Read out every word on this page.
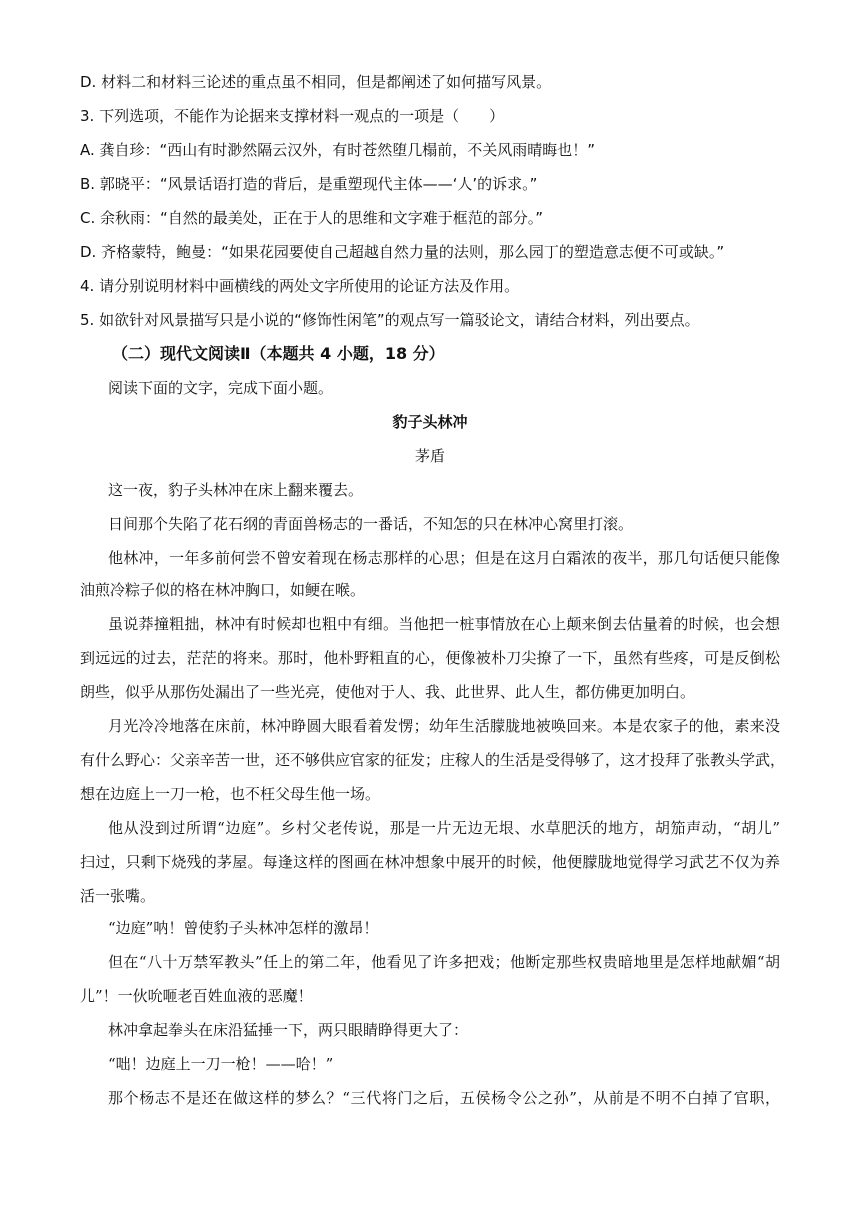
D. 材料二和材料三论述的重点虽不相同，但是都阐述了如何描写风景。
3. 下列选项，不能作为论据来支撑材料一观点的一项是（　　）
A. 龚自珍：“西山有时渺然隔云汉外，有时苍然堕几榻前，不关风雨晴晦也！”
B. 郭晓平：“风景话语打造的背后，是重塑现代主体——‘人’的诉求。”
C. 余秋雨：“自然的最美处，正在于人的思维和文字难于框范的部分。”
D. 齐格蒙特，鲍曼：“如果花园要使自己超越自然力量的法则，那么园丁的塑造意志便不可或缺。”
4. 请分别说明材料中画横线的两处文字所使用的论证方法及作用。
5. 如欲针对风景描写只是小说的“修饰性闲笔”的观点写一篇驳论文，请结合材料，列出要点。
（二）现代文阅读Ⅱ（本题共 4 小题，18 分）
阅读下面的文字，完成下面小题。
豹子头林冲
茅盾
这一夜，豹子头林冲在床上翻来覆去。
日间那个失陷了花石纲的青面兽杨志的一番话，不知怎的只在林冲心窝里打滚。
他林冲，一年多前何尝不曾安着现在杨志那样的心思；但是在这月白霜浓的夜半，那几句话便只能像
油煎冷粽子似的格在林冲胸口，如鲠在喉。
虽说莽撞粗拙，林冲有时候却也粗中有细。当他把一桩事情放在心上颠来倒去估量着的时候，也会想
到远远的过去，茫茫的将来。那时，他朴野粗直的心，便像被朴刀尖撩了一下，虽然有些疼，可是反倒松
朗些，似乎从那伤处漏出了一些光亮，使他对于人、我、此世界、此人生，都仿佛更加明白。
月光冷冷地落在床前，林冲睁圆大眼看着发愣；幼年生活朦胧地被唤回来。本是农家子的他，素来没
有什么野心：父亲辛苦一世，还不够供应官家的征发；庄稼人的生活是受得够了，这才投拜了张教头学武，
想在边庭上一刀一枪，也不枉父母生他一场。
他从没到过所谓“边庭”。乡村父老传说，那是一片无边无垠、水草肥沃的地方，胡笳声动，“胡儿”
扫过，只剩下烧残的茅屋。每逢这样的图画在林冲想象中展开的时候，他便朦胧地觉得学习武艺不仅为养
活一张嘴。
“边庭”呐！曾使豹子头林冲怎样的激昂！
但在“八十万禁军教头”任上的第二年，他看见了许多把戏；他断定那些权贵暗地里是怎样地献媚“胡
儿”！一伙吮咂老百姓血液的恶魔！
林冲拿起拳头在床沿猛捶一下，两只眼睛睁得更大了：
“咄！边庭上一刀一枪！——哈！”
那个杨志不是还在做这样的梦么？“三代将门之后，五侯杨令公之孙”，从前是不明不白掉了官职，
